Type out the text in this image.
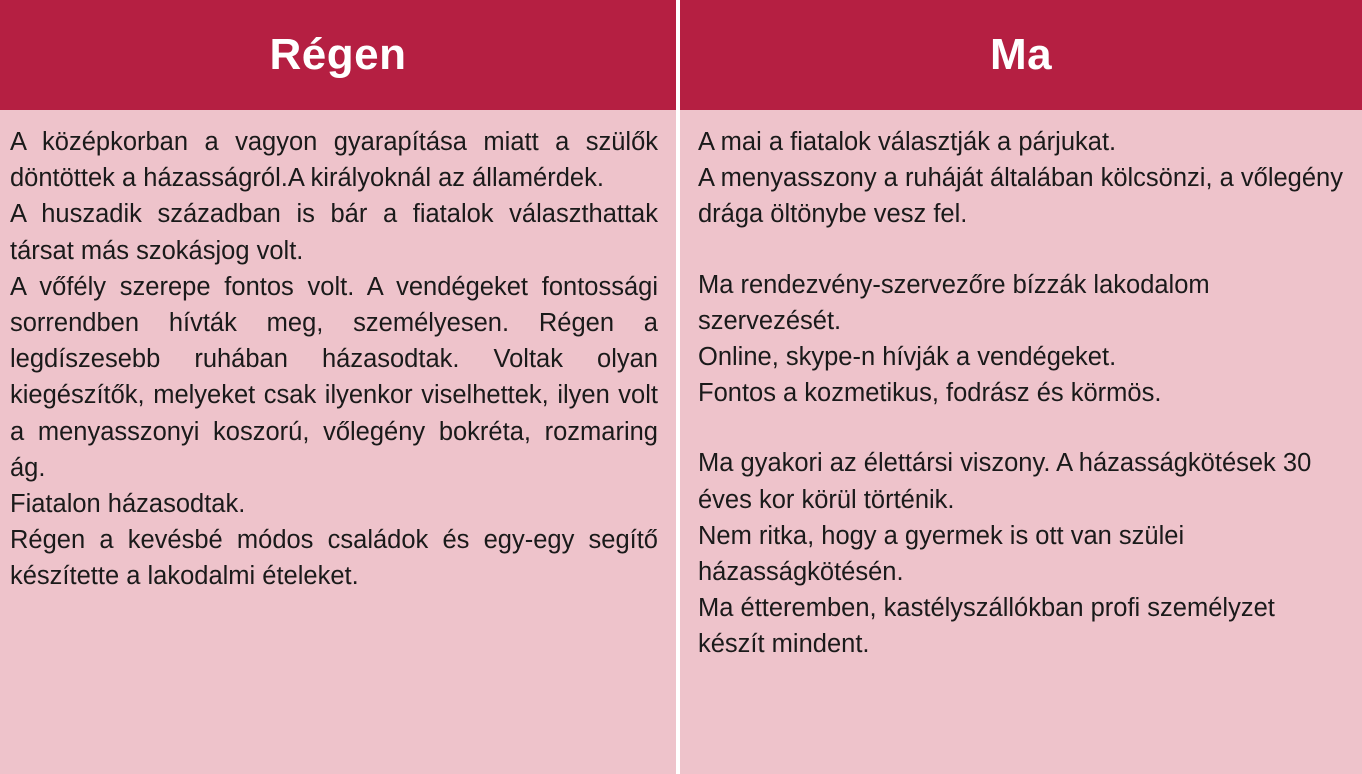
Régen	Ma

A középkorban a vagyon gyarapítása miatt a szülők döntöttek a házasságról.A királyoknál az államérdek.

A huszadik században is bár a fiatalok választhattak társat más szokásjog volt.

A vőfély szerepe fontos volt. A vendégeket fontossági sorrendben hívták meg, személyesen. Régen a legdíszesebb ruhában házasodtak. Voltak olyan kiegészítők, melyeket csak ilyenkor viselhettek, ilyen volt a menyasszonyi koszorú, vőlegény bokréta, rozmaring ág.

Fiatalon házasodtak.

Régen a kevésbé módos családok és egy-egy segítő készítette a lakodalmi ételeket.

A mai a fiatalok választják a párjukat.

A menyasszony a ruháját általában kölcsönzi, a vőlegény drága öltönybe vesz fel.

Ma rendezvény-szervezőre bízzák lakodalom szervezését.

Online, skype-n hívják a vendégeket.

Fontos a kozmetikus, fodrász és körmös.

Ma gyakori az élettársi viszony. A házasságkötések 30 éves kor körül történik.

Nem ritka, hogy a gyermek is ott van szülei házasságkötésén.

Ma étteremben, kastélyszállókban profi személyzet készít mindent.
